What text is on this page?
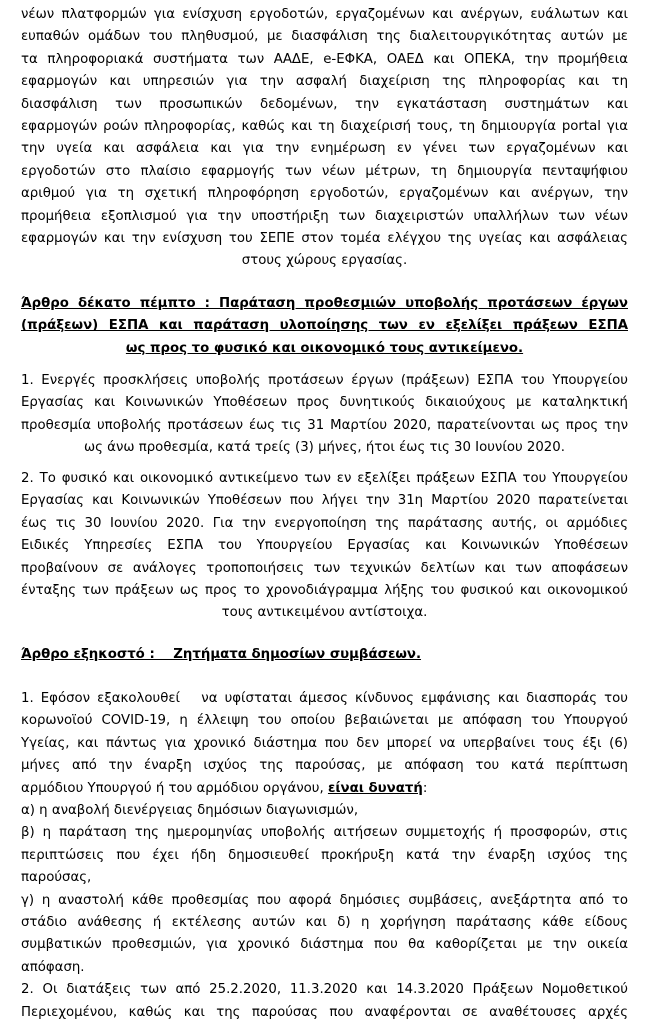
νέων πλατφορμών για ενίσχυση εργοδοτών, εργαζομένων και ανέργων, ευάλωτων και

ευπαθών ομάδων του πληθυσμού, με διασφάλιση της διαλειτουργικότητας αυτών με

τα πληροφοριακά συστήματα των ΑΑΔΕ, e-ΕΦΚΑ, ΟΑΕΔ και ΟΠΕΚΑ, την προμήθεια

εφαρμογών και υπηρεσιών για την ασφαλή διαχείριση της πληροφορίας και τη

διασφάλιση των προσωπικών δεδομένων, την εγκατάσταση συστημάτων και

εφαρμογών ροών πληροφορίας, καθώς και τη διαχείρισή τους, τη δημιουργία portal για

την υγεία και ασφάλεια και για την ενημέρωση εν γένει των εργαζομένων και

εργοδοτών στο πλαίσιο εφαρμογής των νέων μέτρων, τη δημιουργία πενταψήφιου

αριθμού για τη σχετική πληροφόρηση εργοδοτών, εργαζομένων και ανέργων, την

προμήθεια εξοπλισμού για την υποστήριξη των διαχειριστών υπαλλήλων των νέων

εφαρμογών και την ενίσχυση του ΣΕΠΕ στον τομέα ελέγχου της υγείας και ασφάλειας

στους χώρους εργασίας.

Άρθρο δέκατο πέμπτο : Παράταση προθεσμιών υποβολής προτάσεων έργων

(πράξεων) ΕΣΠΑ και παράταση υλοποίησης των εν εξελίξει πράξεων ΕΣΠΑ

ως προς το φυσικό και οικονομικό τους αντικείμενο.

1. Ενεργές προσκλήσεις υποβολής προτάσεων έργων (πράξεων) ΕΣΠΑ του Υπουργείου

Εργασίας και Κοινωνικών Υποθέσεων προς δυνητικούς δικαιούχους με καταληκτική

προθεσμία υποβολής προτάσεων έως τις 31 Μαρτίου 2020, παρατείνονται ως προς την

ως άνω προθεσμία, κατά τρείς (3) μήνες, ήτοι έως τις 30 Ιουνίου 2020.

2. Το φυσικό και οικονομικό αντικείμενο των εν εξελίξει πράξεων ΕΣΠΑ του Υπουργείου

Εργασίας και Κοινωνικών Υποθέσεων που λήγει την 31η Μαρτίου 2020 παρατείνεται

έως τις 30 Ιουνίου 2020. Για την ενεργοποίηση της παράτασης αυτής, οι αρμόδιες

Ειδικές Υπηρεσίες ΕΣΠΑ του Υπουργείου Εργασίας και Κοινωνικών Υποθέσεων

προβαίνουν σε ανάλογες τροποποιήσεις των τεχνικών δελτίων και των αποφάσεων

ένταξης των πράξεων ως προς το χρονοδιάγραμμα λήξης του φυσικού και οικονομικού

τους αντικειμένου αντίστοιχα.

Άρθρο εξηκοστό :    Ζητήματα δημοσίων συμβάσεων.

1. Εφόσον εξακολουθεί   να υφίσταται άμεσος κίνδυνος εμφάνισης και διασποράς του

κορωνοϊού COVID-19, η έλλειψη του οποίου βεβαιώνεται με απόφαση του Υπουργού

Υγείας, και πάντως για χρονικό διάστημα που δεν μπορεί να υπερβαίνει τους έξι (6)

μήνες από την έναρξη ισχύος της παρούσας, με απόφαση του κατά περίπτωση

αρμόδιου Υπουργού ή του αρμόδιου οργάνου, είναι δυνατή:

α) η αναβολή διενέργειας δημόσιων διαγωνισμών,

β) η παράταση της ημερομηνίας υποβολής αιτήσεων συμμετοχής ή προσφορών, στις

περιπτώσεις που έχει ήδη δημοσιευθεί προκήρυξη κατά την έναρξη ισχύος της

παρούσας,

γ) η αναστολή κάθε προθεσμίας που αφορά δημόσιες συμβάσεις, ανεξάρτητα από το

στάδιο ανάθεσης ή εκτέλεσης αυτών και δ) η χορήγηση παράτασης κάθε είδους

συμβατικών προθεσμιών, για χρονικό διάστημα που θα καθορίζεται με την οικεία

απόφαση.

2. Οι διατάξεις των από 25.2.2020, 11.3.2020 και 14.3.2020 Πράξεων Νομοθετικού

Περιεχομένου, καθώς και της παρούσας που αναφέρονται σε αναθέτουσες αρχές
